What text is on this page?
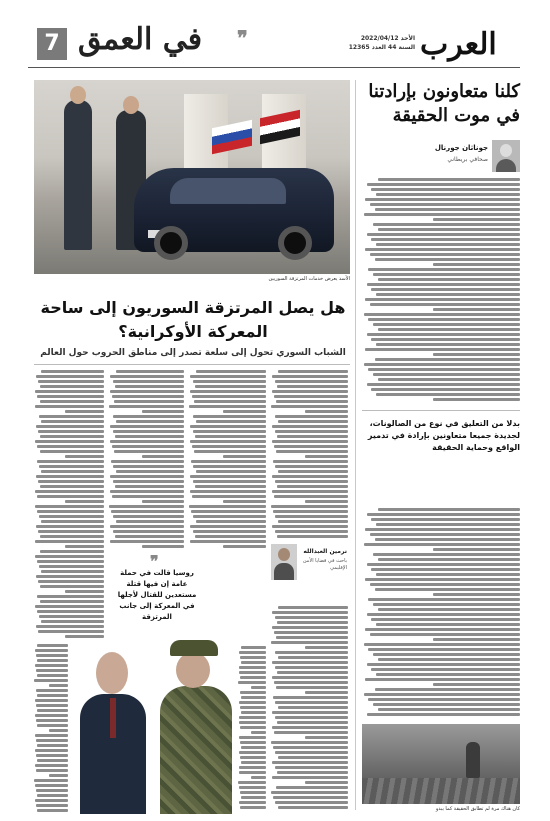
7 في العمق ❞	الأحد 2022/04/12
السنة 44 العدد 12365 العرب
كلنا متعاونون بإرادتنا في موت الحقيقة
جوناثان جورنال
صحافي بريطاني
بدلا من التعليق في نوع من الصالونات، لجديدة جميعا متعاونين بإرادة في تدمير الواقع وحماية الحقيقة
كان هناك مرة لم تطابق الحقيقة كما يبدو
الأسد يعرض خدمات المرتزقة السوريين
هل يصل المرتزقة السوريون إلى ساحة المعركة الأوكرانية؟
الشباب السوري تحول إلى سلعة تصدر إلى مناطق الحروب حول العالم
نرمين العبدالله
باحث في قضايا الأمن الإقليمي
❞
روسيا قالت في حملة عامة إن فيها قتلة مستعدين للقتال لأجلها في المعركة إلى جانب المرتزقة
